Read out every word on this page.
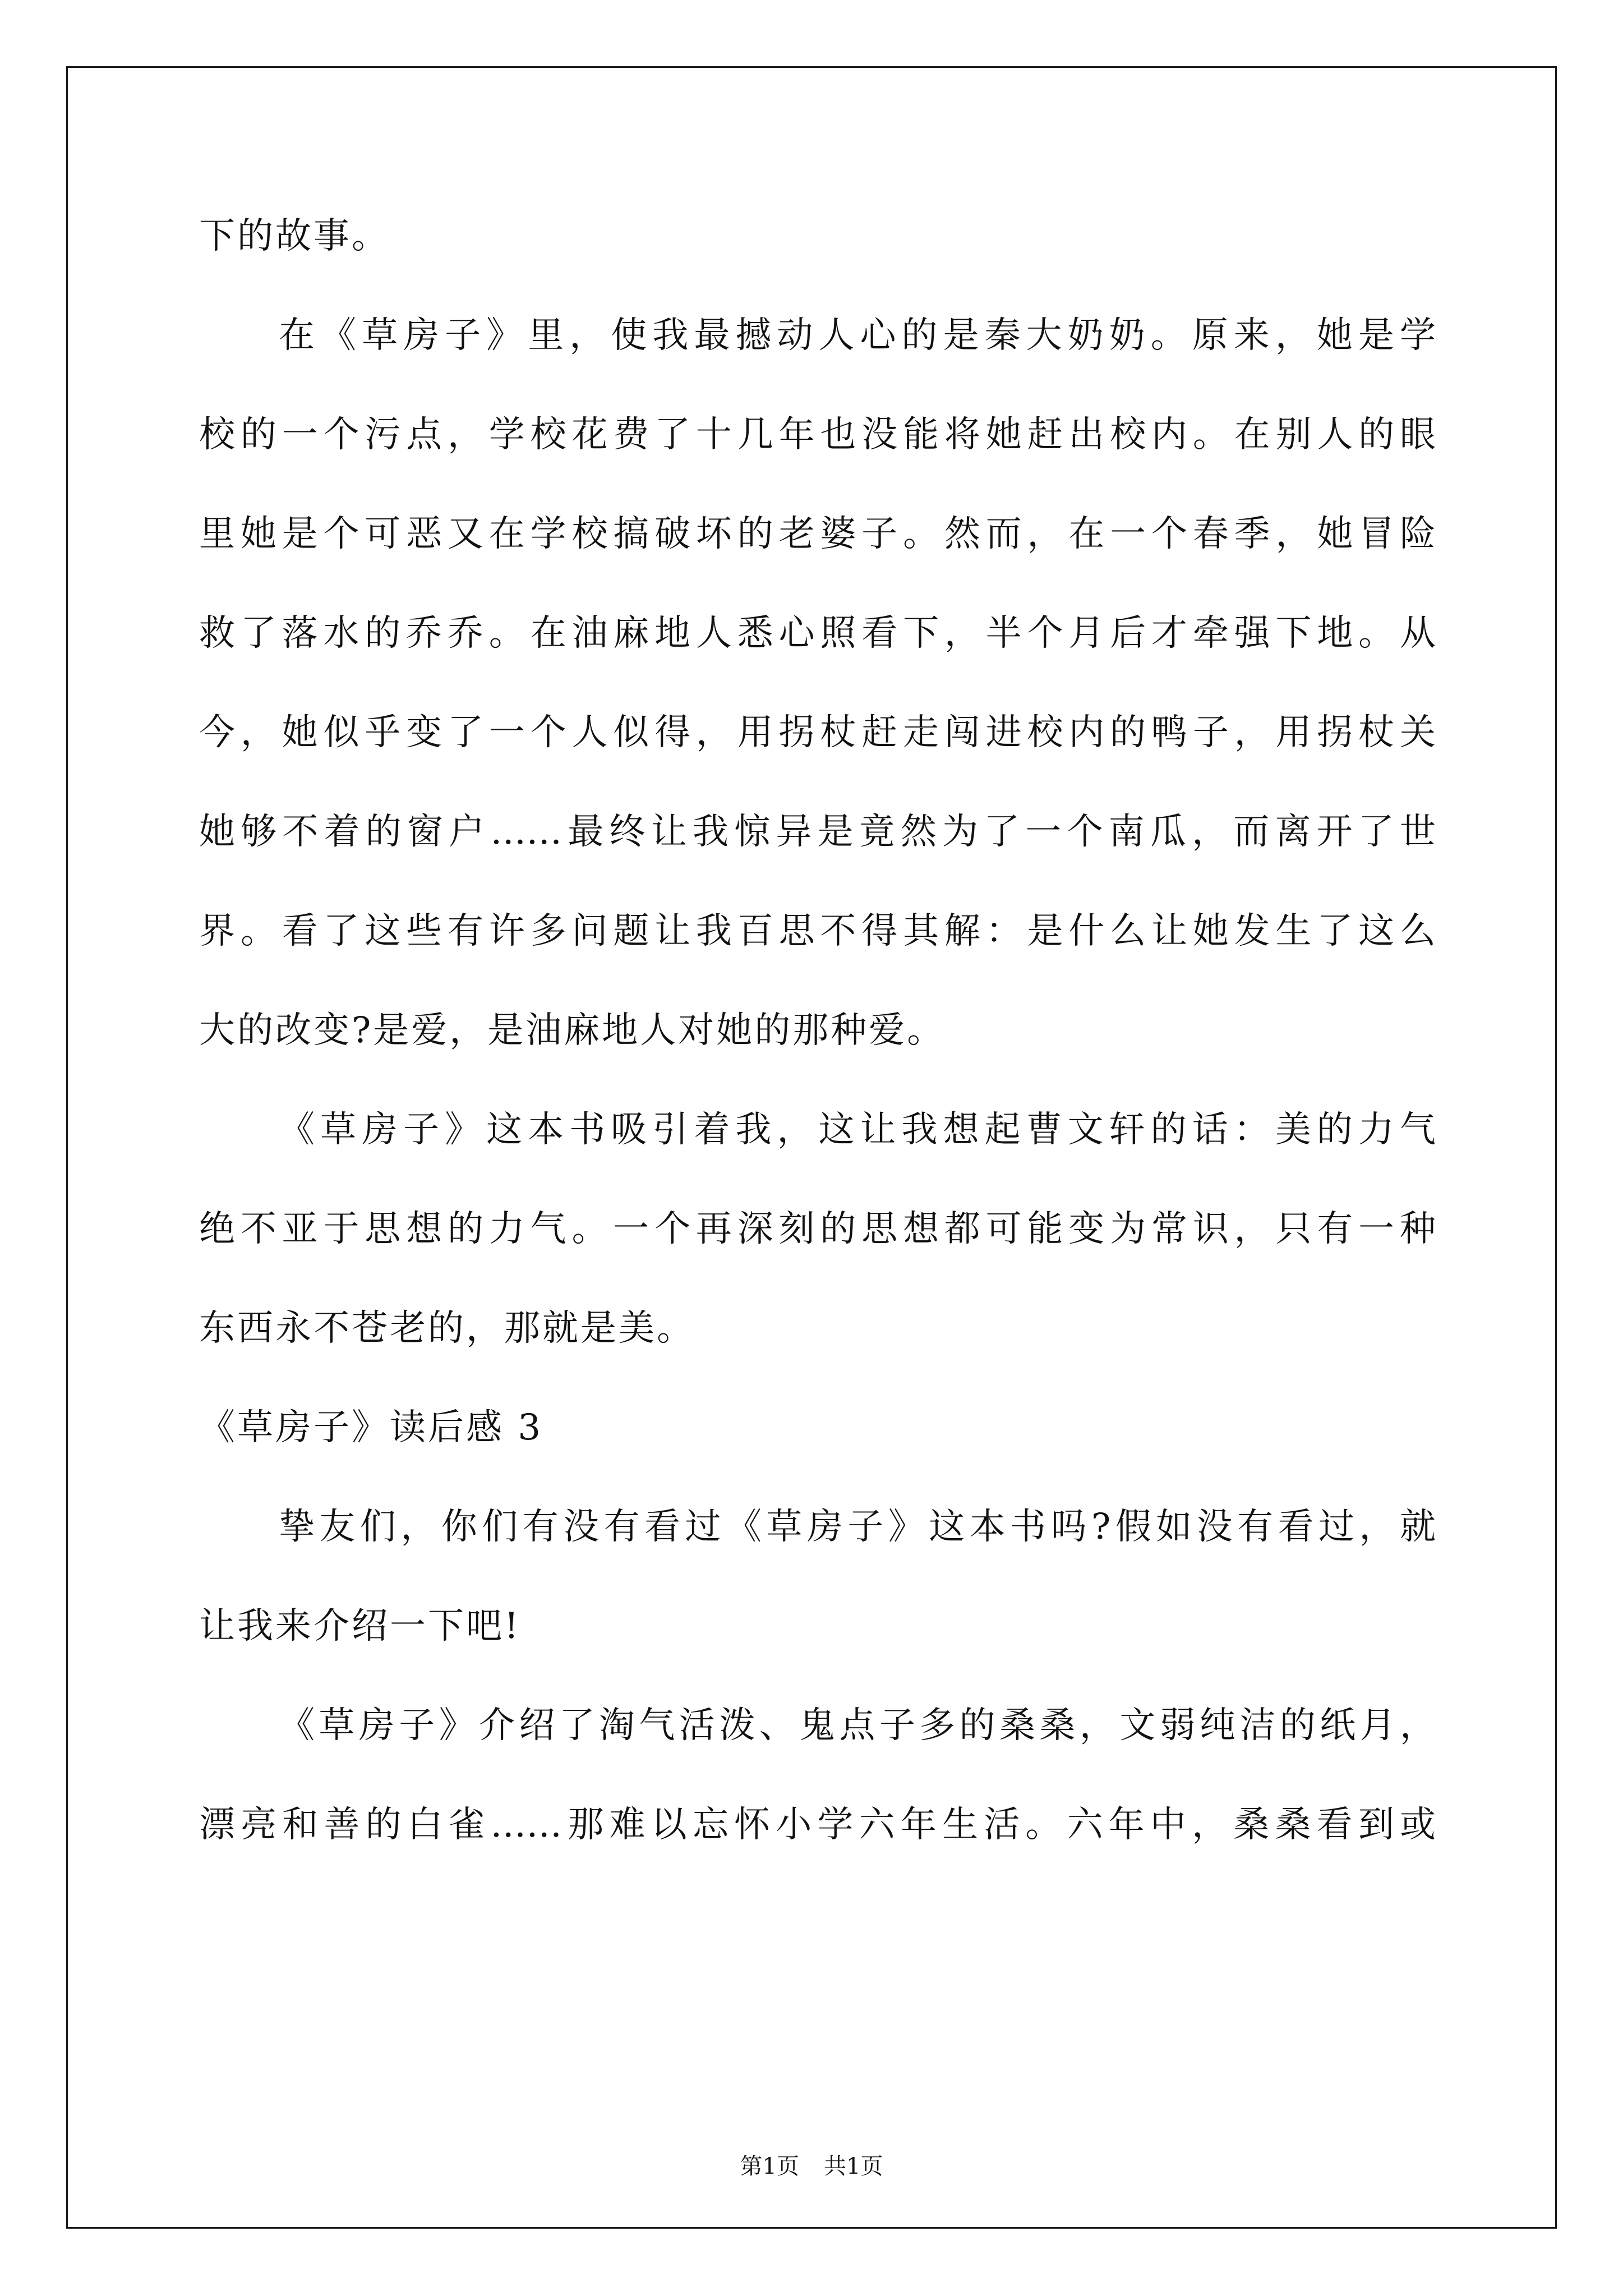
下的故事。

在《草房子》里，使我最撼动人心的是秦大奶奶。原来，她是学

校的一个污点，学校花费了十几年也没能将她赶出校内。在别人的眼

里她是个可恶又在学校搞破坏的老婆子。然而，在一个春季，她冒险

救了落水的乔乔。在油麻地人悉心照看下，半个月后才牵强下地。从

今，她似乎变了一个人似得，用拐杖赶走闯进校内的鸭子，用拐杖关

她够不着的窗户……最终让我惊异是竟然为了一个南瓜，而离开了世

界。看了这些有许多问题让我百思不得其解：是什么让她发生了这么

大的改变?是爱，是油麻地人对她的那种爱。

《草房子》这本书吸引着我，这让我想起曹文轩的话：美的力气

绝不亚于思想的力气。一个再深刻的思想都可能变为常识，只有一种

东西永不苍老的，那就是美。

《草房子》读后感 3

挚友们，你们有没有看过《草房子》这本书吗?假如没有看过，就

让我来介绍一下吧!

《草房子》介绍了淘气活泼、鬼点子多的桑桑，文弱纯洁的纸月，

漂亮和善的白雀……那难以忘怀小学六年生活。六年中，桑桑看到或

第1页 共1页
